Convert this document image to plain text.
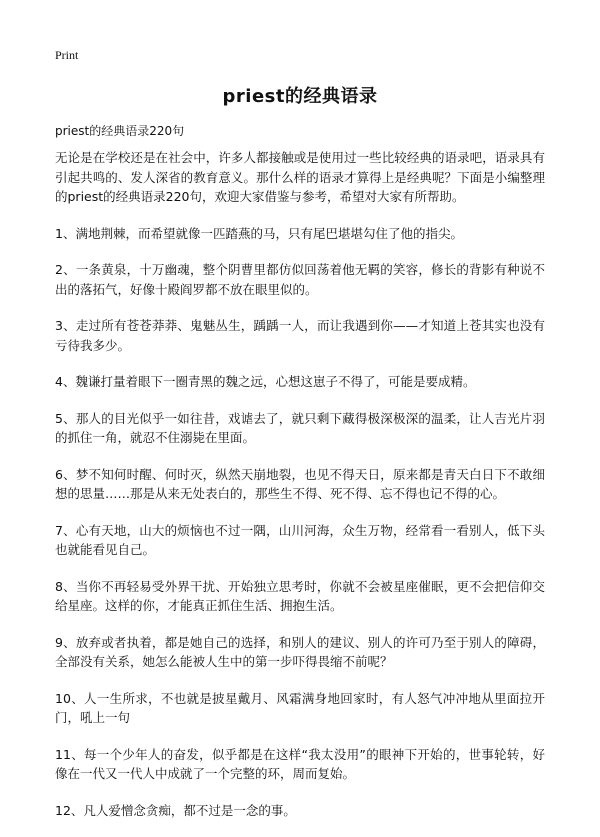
Print
priest的经典语录
priest的经典语录220句

无论是在学校还是在社会中，许多人都接触或是使用过一些比较经典的语录吧，语录具有引起共鸣的、发人深省的教育意义。那什么样的语录才算得上是经典呢？下面是小编整理的priest的经典语录220句，欢迎大家借鉴与参考，希望对大家有所帮助。

1、满地荆棘，而希望就像一匹踏燕的马，只有尾巴堪堪勾住了他的指尖。

2、一条黄泉，十万幽魂，整个阴曹里都仿似回荡着他无羁的笑容，修长的背影有种说不出的落拓气，好像十殿阎罗都不放在眼里似的。

3、走过所有苍苍莽莽、鬼魅丛生，踽踽一人，而让我遇到你——才知道上苍其实也没有亏待我多少。

4、魏谦打量着眼下一圈青黑的魏之远，心想这崽子不得了，可能是要成精。

5、那人的目光似乎一如往昔，戏谑去了，就只剩下藏得极深极深的温柔，让人吉光片羽的抓住一角，就忍不住溺毙在里面。

6、梦不知何时醒、何时灭，纵然天崩地裂，也见不得天日，原来都是青天白日下不敢细想的思量……那是从来无处表白的，那些生不得、死不得、忘不得也记不得的心。

7、心有天地，山大的烦恼也不过一隅，山川河海，众生万物，经常看一看别人，低下头也就能看见自己。

8、当你不再轻易受外界干扰、开始独立思考时，你就不会被星座催眠，更不会把信仰交给星座。这样的你，才能真正抓住生活、拥抱生活。

9、放弃或者执着，都是她自己的选择，和别人的建议、别人的许可乃至于别人的障碍，全部没有关系，她怎么能被人生中的第一步吓得畏缩不前呢？

10、人一生所求，不也就是披星戴月、风霜满身地回家时，有人怒气冲冲地从里面拉开门，吼上一句

11、每一个少年人的奋发，似乎都是在这样“我太没用”的眼神下开始的，世事轮转，好像在一代又一代人中成就了一个完整的环，周而复始。

12、凡人爱憎念贪痴，都不过是一念的事。
